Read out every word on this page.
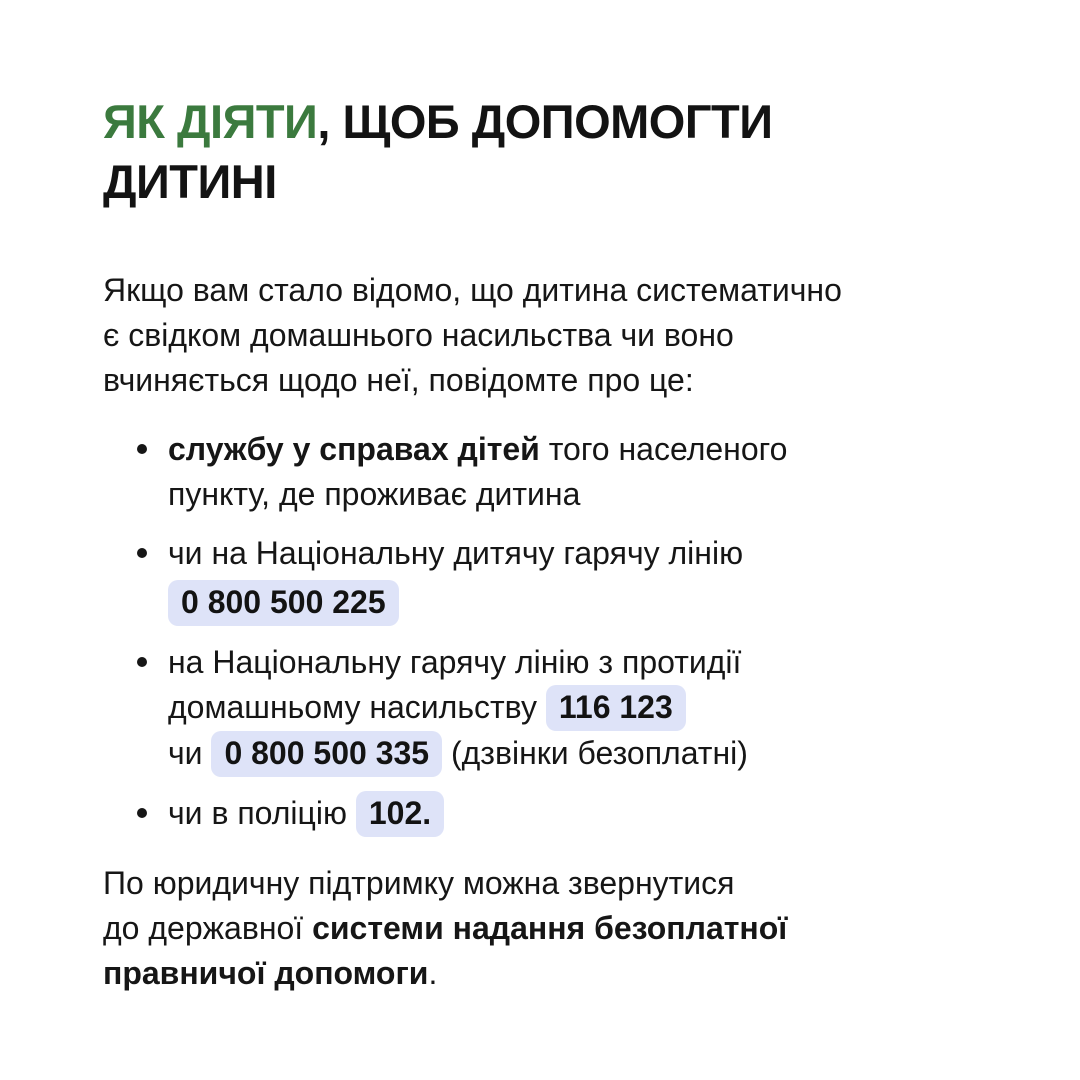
ЯК ДІЯТИ, ЩОБ ДОПОМОГТИ
ДИТИНІ

Якщо вам стало відомо, що дитина систематично
є свідком домашнього насильства чи воно
вчиняється щодо неї, повідомте про це:

службу у справах дітей того населеного
пункту, де проживає дитина
чи на Національну дитячу гарячу лінію
0 800 500 225
на Національну гарячу лінію з протидії
домашньому насильству 116 123
чи 0 800 500 335 (дзвінки безоплатні)
чи в поліцію 102.

По юридичну підтримку можна звернутися
до державної системи надання безоплатної
правничої допомоги.
